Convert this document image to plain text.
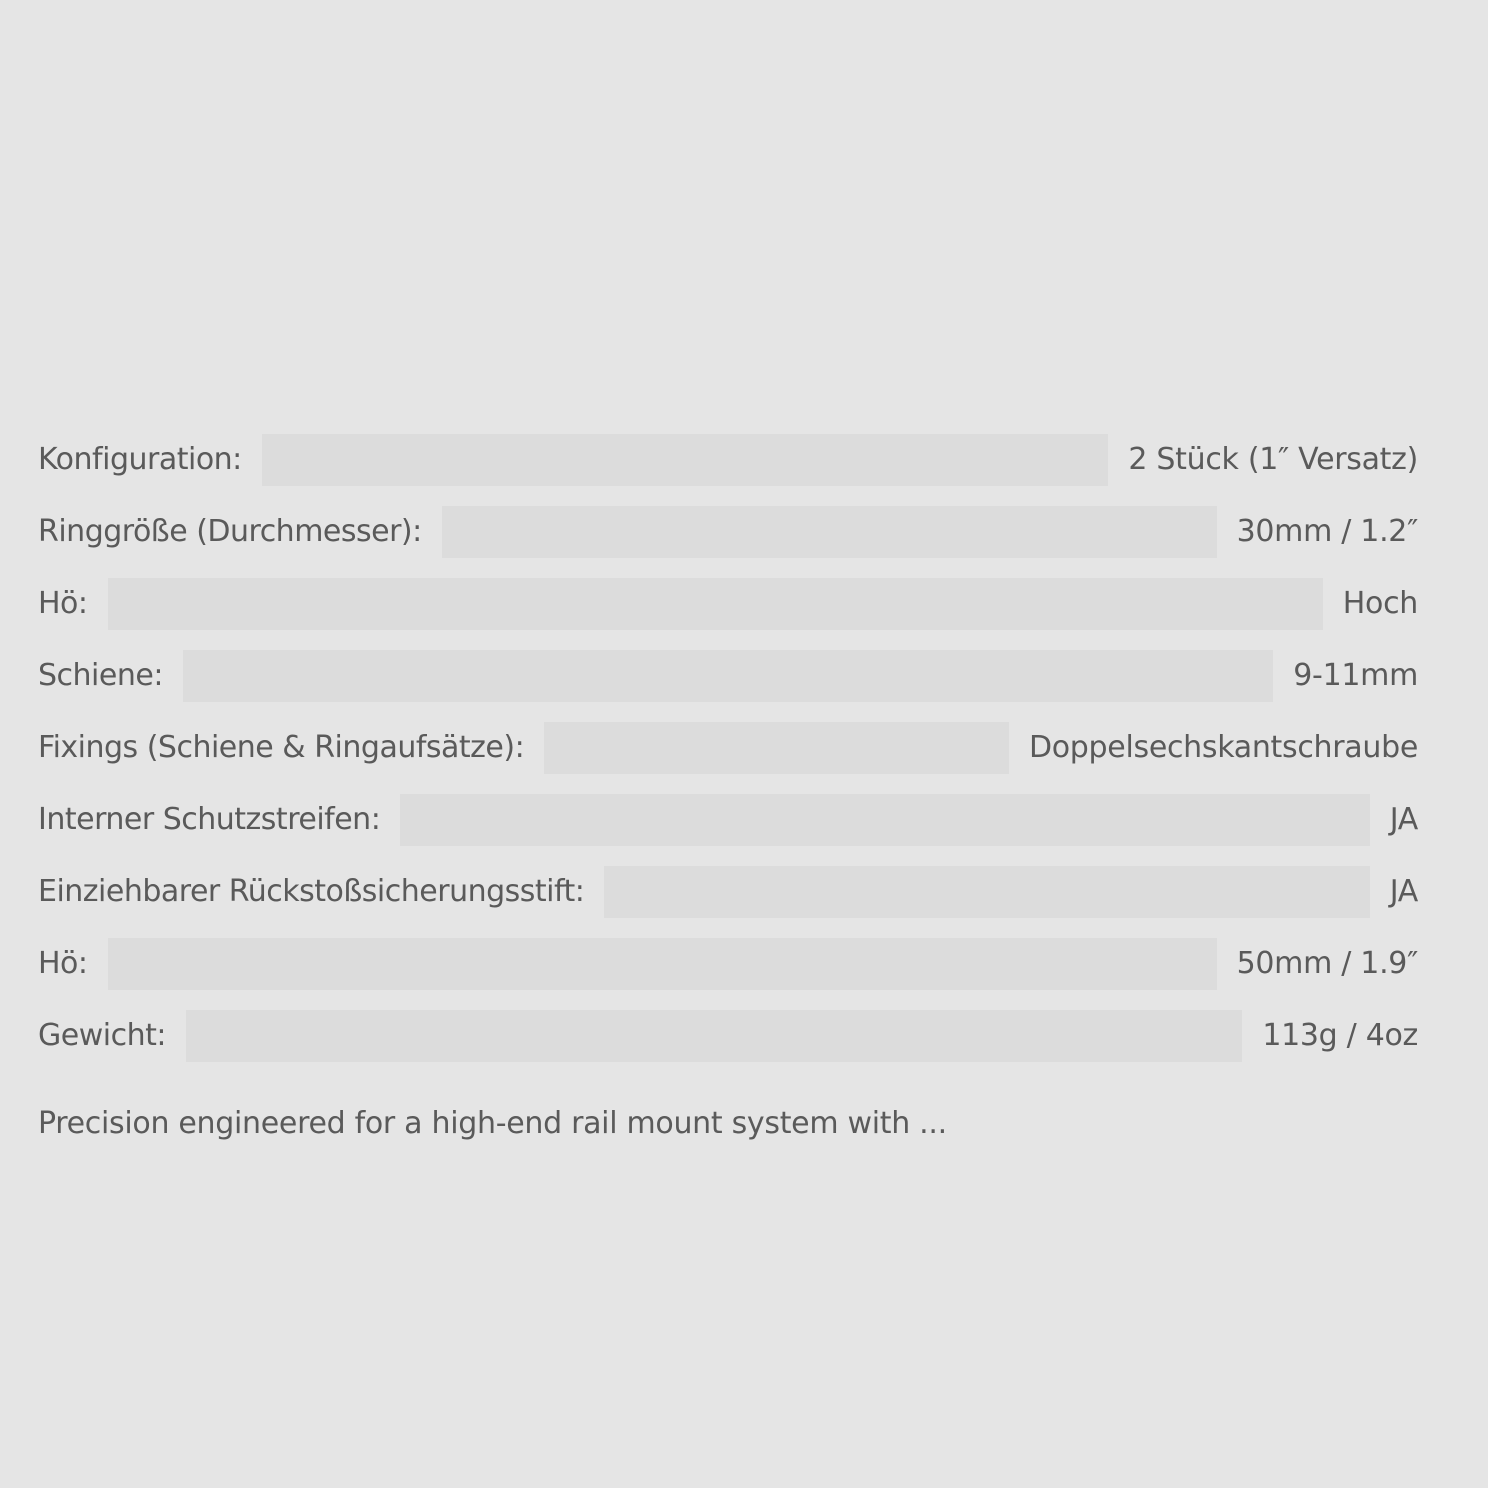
Konfiguration:	2 Stück (1″ Versatz)
Ringgröße (Durchmesser):	30mm / 1.2″
Hö:	Hoch
Schiene:	9-11mm
Fixings (Schiene & Ringaufsätze):	Doppelsechskantschraube
Interner Schutzstreifen:	JA
Einziehbarer Rückstoßsicherungsstift:	JA
Hö:	50mm / 1.9″
Gewicht:	113g / 4oz
Precision engineered for a high-end rail mount system with ...
